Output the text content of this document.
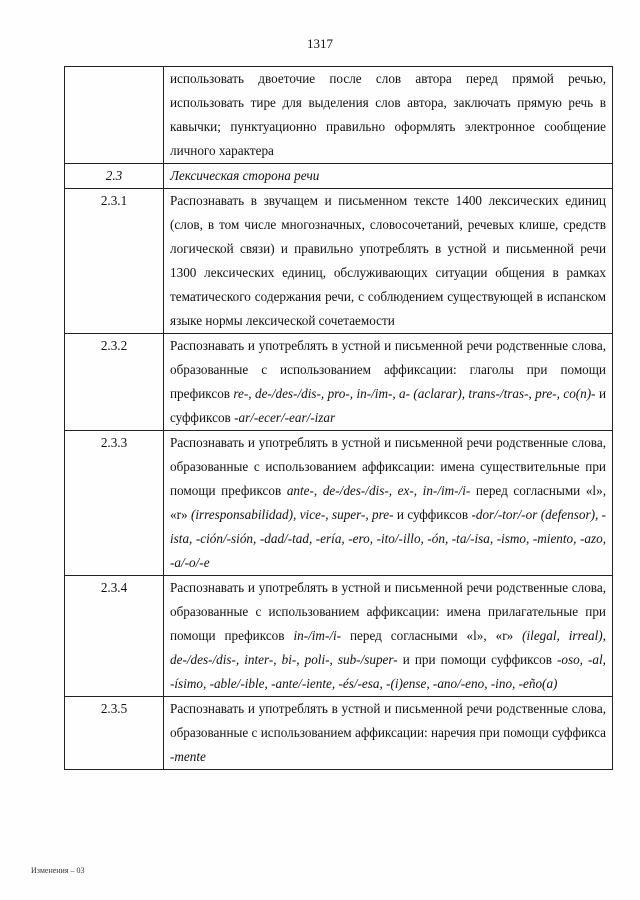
1317
	использовать двоеточие после слов автора перед прямой речью, использовать тире для выделения слов автора, заключать прямую речь в кавычки; пунктуационно правильно оформлять электронное сообщение личного характера
2.3	Лексическая сторона речи
2.3.1	Распознавать в звучащем и письменном тексте 1400 лексических единиц (слов, в том числе многозначных, словосочетаний, речевых клише, средств логической связи) и правильно употреблять в устной и письменной речи 1300 лексических единиц, обслуживающих ситуации общения в рамках тематического содержания речи, с соблюдением существующей в испанском языке нормы лексической сочетаемости
2.3.2	Распознавать и употреблять в устной и письменной речи родственные слова, образованные с использованием аффиксации: глаголы при помощи префиксов re-, de-/des-/dis-, pro-, in-/im-, a- (aclarar), trans-/tras-, pre-, co(n)- и суффиксов -ar/-ecer/-ear/-izar
2.3.3	Распознавать и употреблять в устной и письменной речи родственные слова, образованные с использованием аффиксации: имена существительные при помощи префиксов ante-, de-/des-/dis-, ex-, in-/im-/i- перед согласными «l», «r» (irresponsabilidad), vice-, super-, pre- и суффиксов -dor/-tor/-or (defensor), -ista, -ción/-sión, -dad/-tad, -ería, -ero, -ito/-illo, -ón, -ta/-isa, -ismo, -miento, -azo, -a/-o/-e
2.3.4	Распознавать и употреблять в устной и письменной речи родственные слова, образованные с использованием аффиксации: имена прилагательные при помощи префиксов in-/im-/i- перед согласными «l», «r» (ilegal, irreal), de-/des-/dis-, inter-, bi-, poli-, sub-/super- и при помощи суффиксов -oso, -al, -ísimo, -able/-ible, -ante/-iente, -és/-esa, -(i)ense, -ano/-eno, -ino, -eño(a)
2.3.5	Распознавать и употреблять в устной и письменной речи родственные слова, образованные с использованием аффиксации: наречия при помощи суффикса -mente
Изменения – 03
